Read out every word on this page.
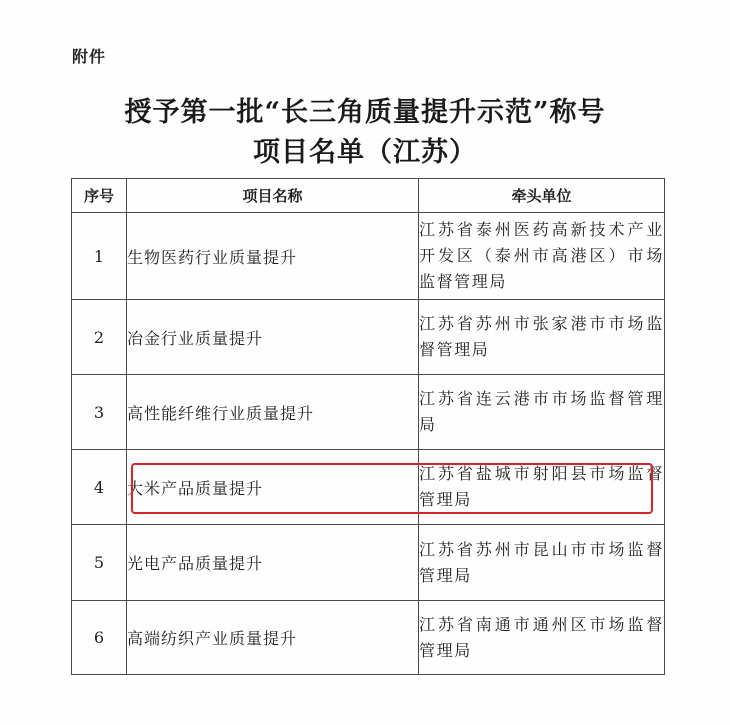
附件
授予第一批“长三角质量提升示范”称号
项目名单（江苏）
序号	项目名称	牵头单位
1	生物医药行业质量提升	江苏省泰州医药高新技术产业开发区（泰州市高港区）市场监督管理局
2	冶金行业质量提升	江苏省苏州市张家港市市场监督管理局
3	高性能纤维行业质量提升	江苏省连云港市市场监督管理局
4	大米产品质量提升	江苏省盐城市射阳县市场监督管理局
5	光电产品质量提升	江苏省苏州市昆山市市场监督管理局
6	高端纺织产业质量提升	江苏省南通市通州区市场监督管理局
